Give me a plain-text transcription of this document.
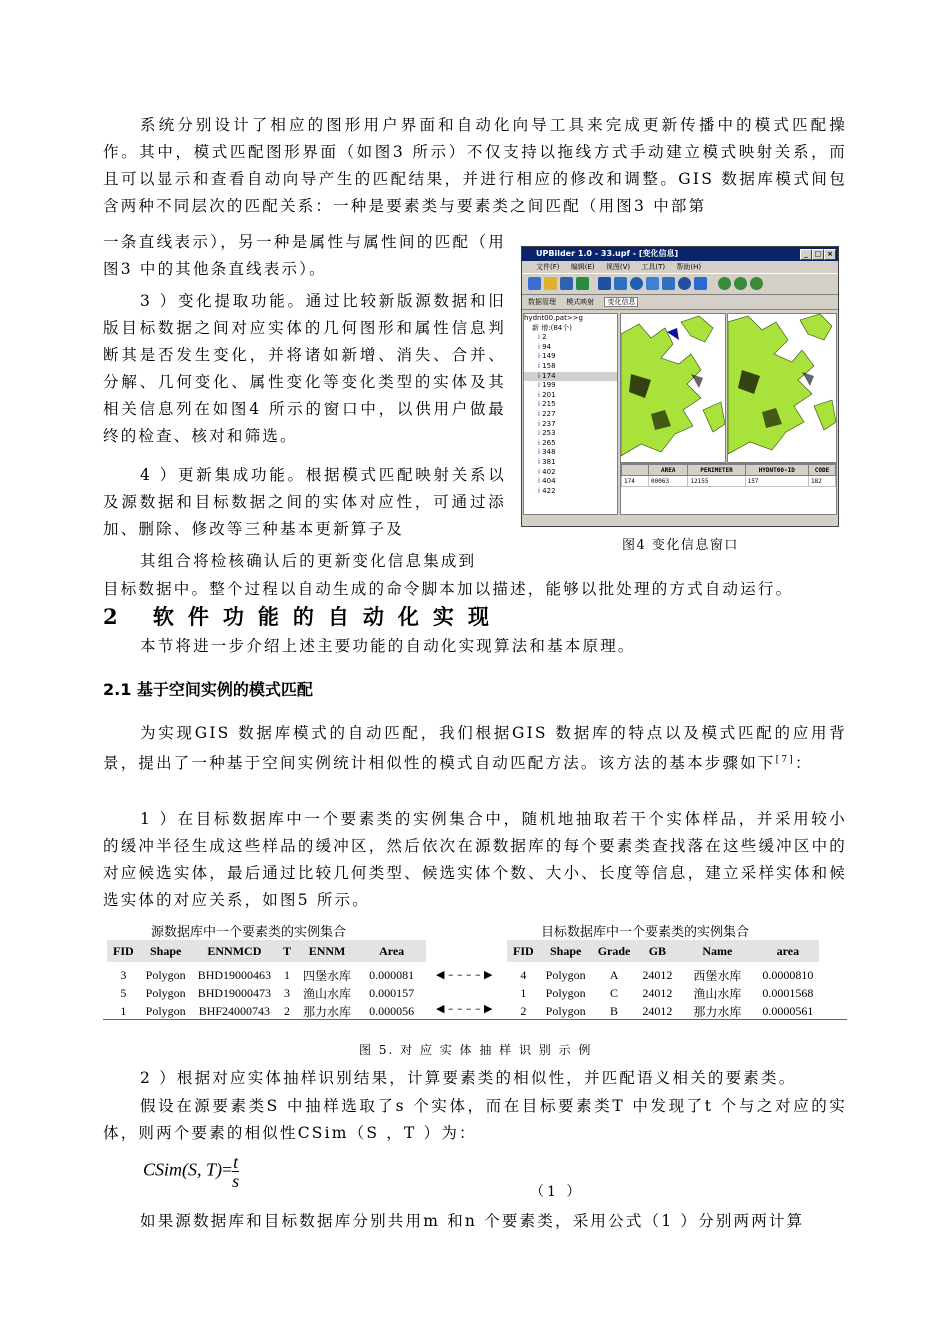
系统分别设计了相应的图形用户界面和自动化向导工具来完成更新传播中的模式匹配操作。其中，模式匹配图形界面（如图3 所示）不仅支持以拖线方式手动建立模式映射关系，而且可以显示和查看自动向导产生的匹配结果，并进行相应的修改和调整。GIS 数据库模式间包含两种不同层次的匹配关系：一种是要素类与要素类之间匹配（用图3 中部第
一条直线表示），另一种是属性与属性间的匹配（用图3 中的其他条直线表示）。
3 ）变化提取功能。通过比较新版源数据和旧版目标数据之间对应实体的几何图形和属性信息判断其是否发生变化，并将诸如新增、消失、合并、分解、几何变化、属性变化等变化类型的实体及其相关信息列在如图4 所示的窗口中，以供用户做最终的检查、核对和筛选。
4 ）更新集成功能。根据模式匹配映射关系以及源数据和目标数据之间的实体对应性，可通过添加、删除、修改等三种基本更新算子及
其组合将检核确认后的更新变化信息集成到
目标数据中。整个过程以自动生成的命令脚本加以描述，能够以批处理的方式自动运行。
UPBilder 1.0 - 33.upf - [变化信息]	_ □ ×
文件(F) 编辑(E) 视图(V) 工具(T) 帮助(H)
数据管理 模式映射 变化信息
hydnt00.pat>>g
新 增:(84个)
i 2
i 94
i 149
i 158
i 174
i 199
i 201
i 215
i 227
i 237
i 253
i 265
i 348
i 381
i 402
i 404
i 422
	AREA	PERIMETER	HYDNT00-ID	CODE
174	00063	12155	157	182
图4 变化信息窗口
2 软件功能的自动化实现
本节将进一步介绍上述主要功能的自动化实现算法和基本原理。
2.1 基于空间实例的模式匹配
为实现GIS 数据库模式的自动匹配，我们根据GIS 数据库的特点以及模式匹配的应用背景，提出了一种基于空间实例统计相似性的模式自动匹配方法。该方法的基本步骤如下[7]：
1 ）在目标数据库中一个要素类的实例集合中，随机地抽取若干个实体样品，并采用较小的缓冲半径生成这些样品的缓冲区，然后依次在源数据库的每个要素类查找落在这些缓冲区中的对应候选实体，最后通过比较几何类型、候选实体个数、大小、长度等信息，建立采样实体和候选实体的对应关系，如图5 所示。
源数据库中一个要素类的实例集合	目标数据库中一个要素类的实例集合
FID	Shape	ENNMCD	T	ENNM	Area
3	Polygon	BHD19000463	1	四堡水库	0.000081
5	Polygon	BHD19000473	3	渔山水库	0.000157
1	Polygon	BHF24000743	2	那力水库	0.000056
FID	Shape	Grade	GB	Name	area
4	Polygon	A	24012	西堡水库	0.0000810
1	Polygon	C	24012	渔山水库	0.0001568
2	Polygon	B	24012	那力水库	0.0000561
◀ – – – – ▶
◀ – – – – ▶
图 5. 对 应 实 体 抽 样 识 别 示 例
2 ）根据对应实体抽样识别结果，计算要素类的相似性，并匹配语义相关的要素类。
假设在源要素类S 中抽样选取了s 个实体，而在目标要素类T 中发现了t 个与之对应的实体，则两个要素的相似性CSim（S ，T ）为：
CSim(S, $T)= \frac{t}{s}$
（1 ）
如果源数据库和目标数据库分别共用m 和n 个要素类，采用公式（1 ）分别两两计算
